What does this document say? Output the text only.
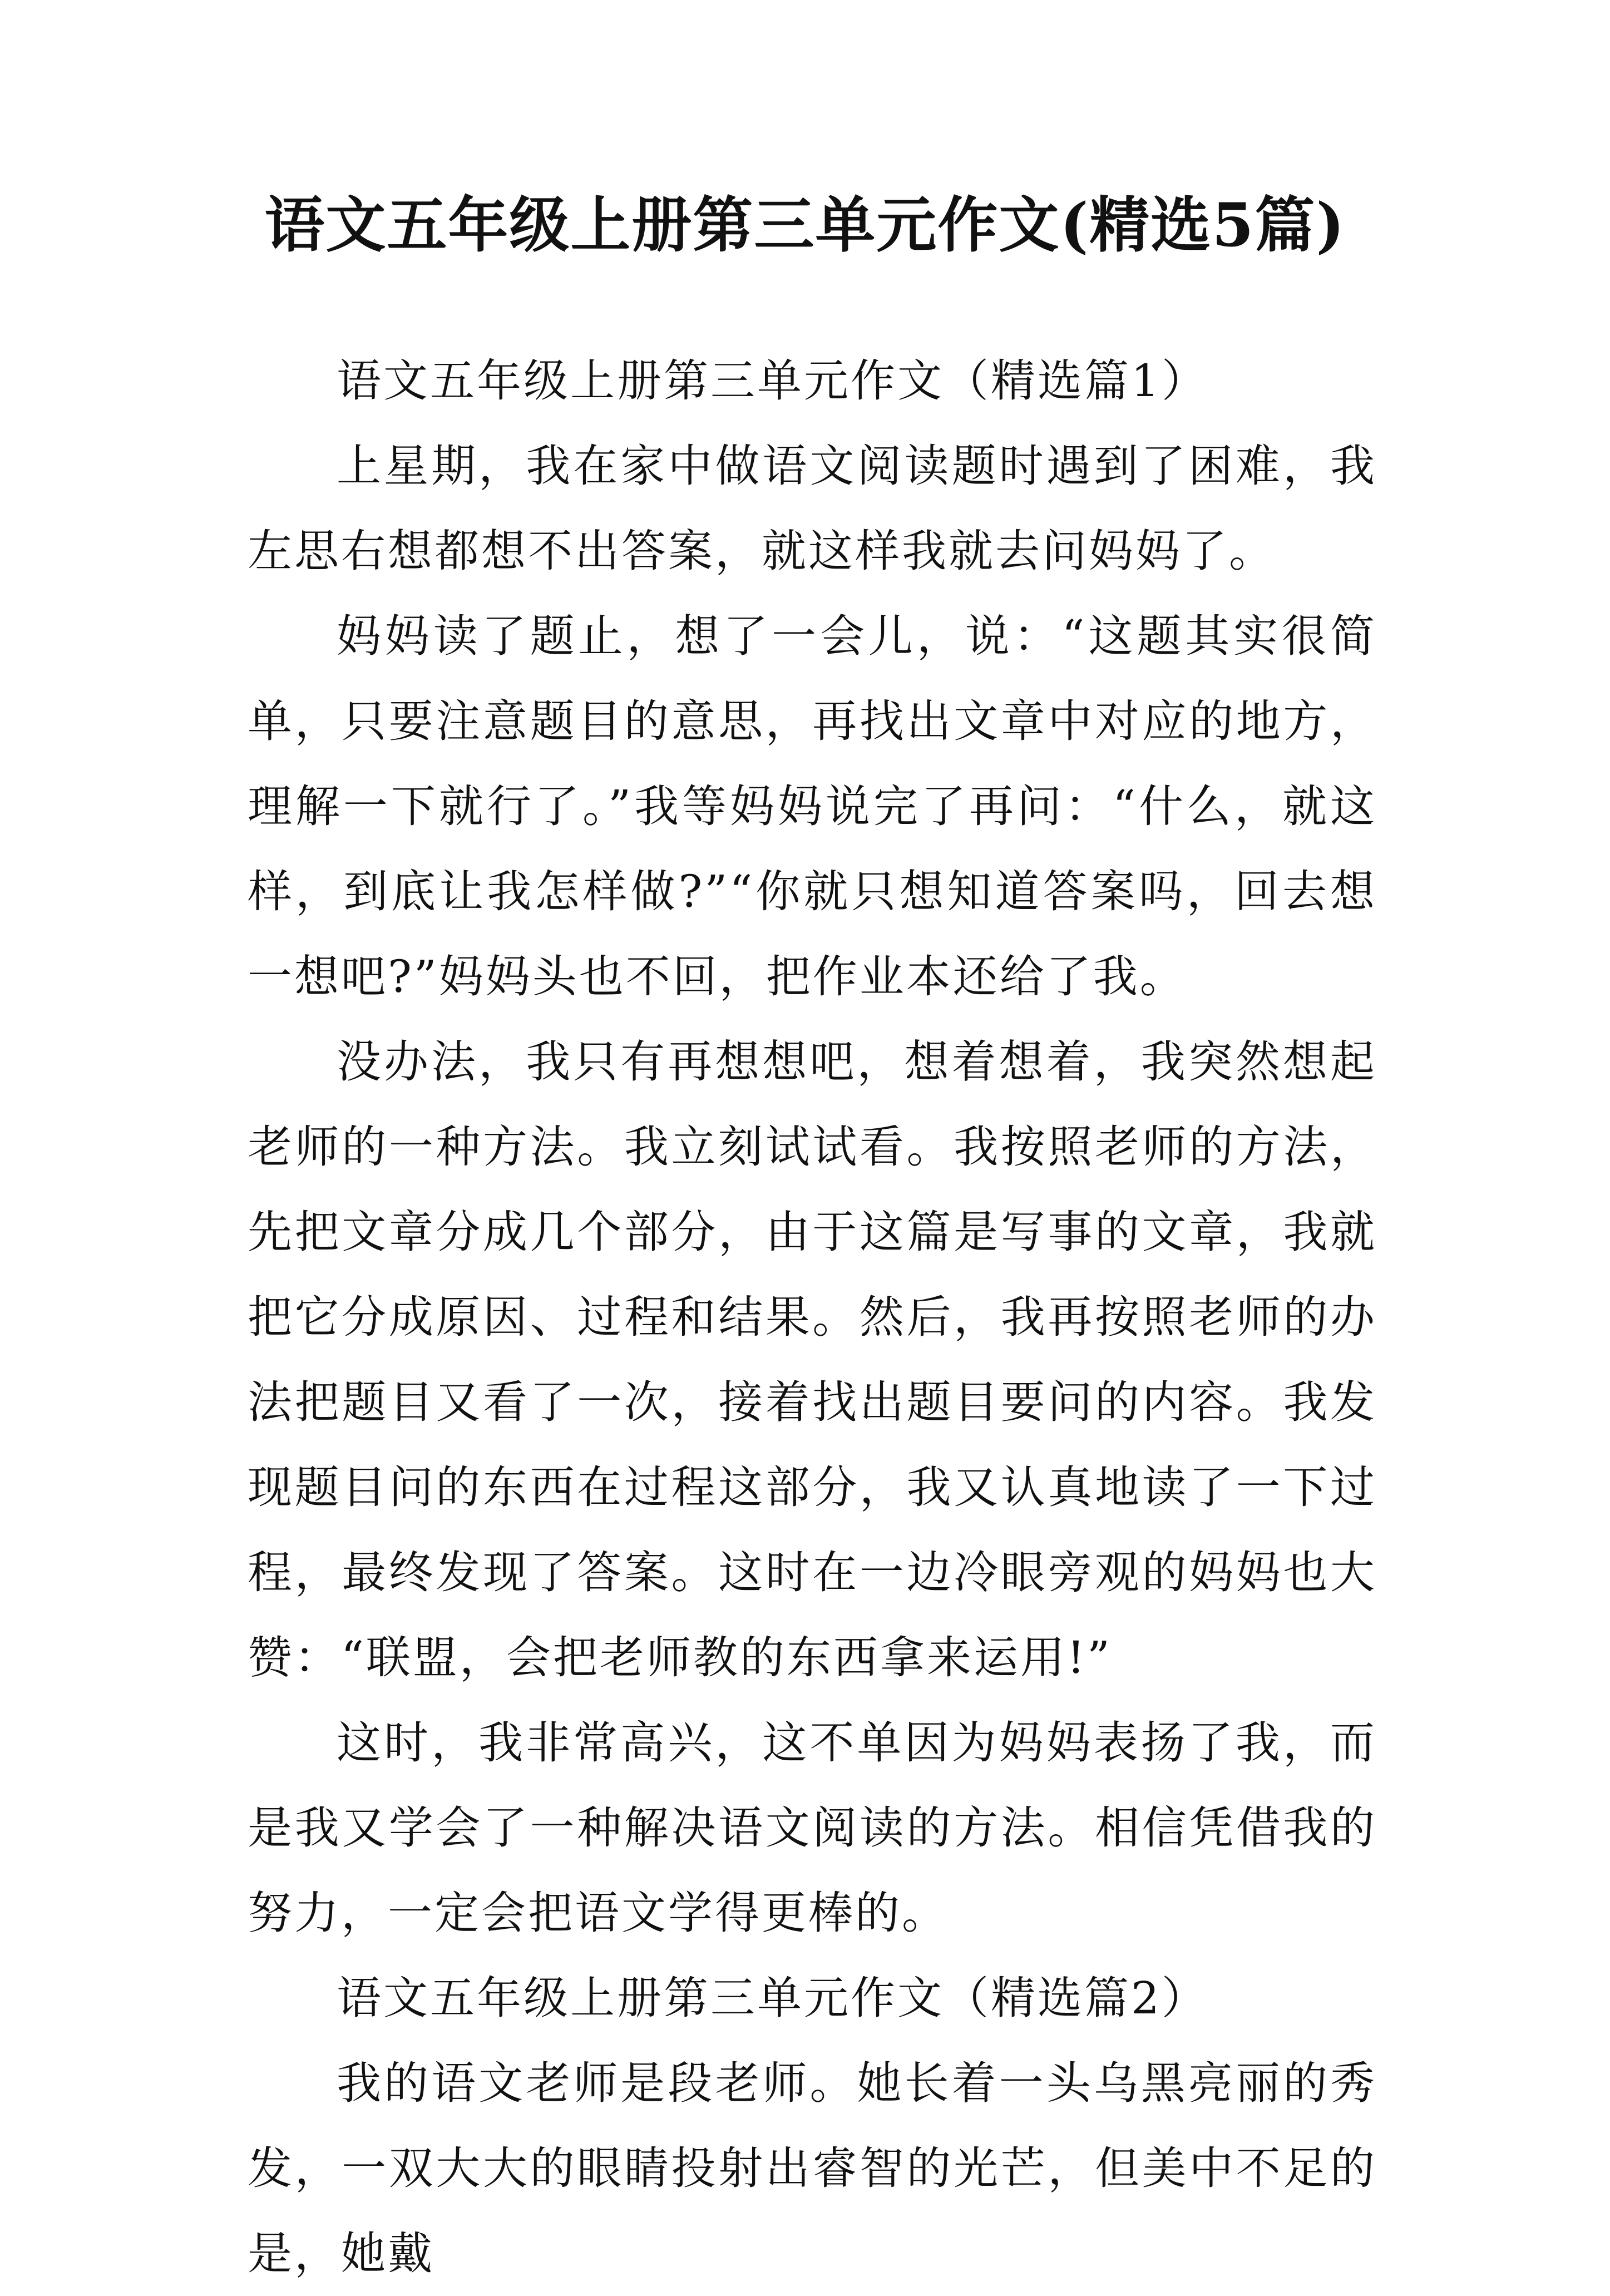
语文五年级上册第三单元作文(精选5篇)

语文五年级上册第三单元作文（精选篇1）

上星期，我在家中做语文阅读题时遇到了困难，我左思右想都想不出答案，就这样我就去问妈妈了。

妈妈读了题止，想了一会儿，说：“这题其实很简单，只要注意题目的意思，再找出文章中对应的地方，理解一下就行了。”我等妈妈说完了再问：“什么，就这样，到底让我怎样做?”“你就只想知道答案吗，回去想一想吧?”妈妈头也不回，把作业本还给了我。

没办法，我只有再想想吧，想着想着，我突然想起老师的一种方法。我立刻试试看。我按照老师的方法，先把文章分成几个部分，由于这篇是写事的文章，我就把它分成原因、过程和结果。然后，我再按照老师的办法把题目又看了一次，接着找出题目要问的内容。我发现题目问的东西在过程这部分，我又认真地读了一下过程，最终发现了答案。这时在一边冷眼旁观的妈妈也大赞：“联盟，会把老师教的东西拿来运用!”

这时，我非常高兴，这不单因为妈妈表扬了我，而是我又学会了一种解决语文阅读的方法。相信凭借我的努力，一定会把语文学得更棒的。

语文五年级上册第三单元作文（精选篇2）

我的语文老师是段老师。她长着一头乌黑亮丽的秀发，一双大大的眼睛投射出睿智的光芒，但美中不足的是，她戴
